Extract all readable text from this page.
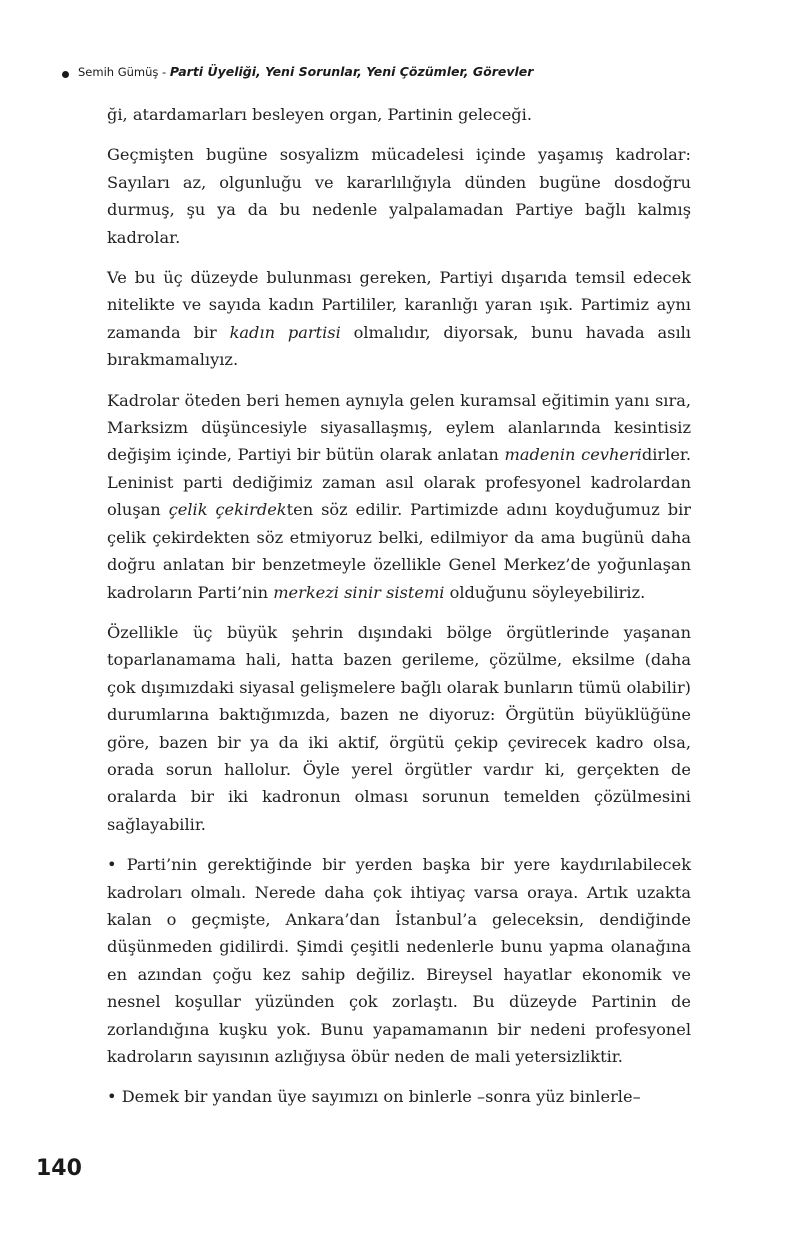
Semih Gümüş - Parti Üyeliği, Yeni Sorunlar, Yeni Çözümler, Görevler

ği, atardamarları besleyen organ, Partinin geleceği.

Geçmişten bugüne sosyalizm mücadelesi içinde yaşamış kadrolar: Sayıları az, olgunluğu ve kararlılığıyla dünden bugüne dosdoğru durmuş, şu ya da bu nedenle yalpalamadan Partiye bağlı kalmış kadrolar.

Ve bu üç düzeyde bulunması gereken, Partiyi dışarıda temsil edecek nitelikte ve sayıda kadın Partililer, karanlığı yaran ışık. Partimiz aynı zamanda bir kadın partisi olmalıdır, diyorsak, bunu havada asılı bırakmamalıyız.

Kadrolar öteden beri hemen aynıyla gelen kuramsal eğitimin yanı sıra, Marksizm düşüncesiyle siyasallaşmış, eylem alanlarında kesintisiz değişim içinde, Partiyi bir bütün olarak anlatan madenin cevheridirler. Leninist parti dediğimiz zaman asıl olarak profesyonel kadrolardan oluşan çelik çekirdekten söz edilir. Partimizde adını koyduğumuz bir çelik çekirdekten söz etmiyoruz belki, edilmiyor da ama bugünü daha doğru anlatan bir benzetmeyle özellikle Genel Merkez’de yoğunlaşan kadroların Parti’nin merkezi sinir sistemi olduğunu söyleyebiliriz.

Özellikle üç büyük şehrin dışındaki bölge örgütlerinde yaşanan toparlanamama hali, hatta bazen gerileme, çözülme, eksilme (daha çok dışımızdaki siyasal gelişmelere bağlı olarak bunların tümü olabilir) durumlarına baktığımızda, bazen ne diyoruz: Örgütün büyüklüğüne göre, bazen bir ya da iki aktif, örgütü çekip çevirecek kadro olsa, orada sorun hallolur. Öyle yerel örgütler vardır ki, gerçekten de oralarda bir iki kadronun olması sorunun temelden çözülmesini sağlayabilir.

• Parti’nin gerektiğinde bir yerden başka bir yere kaydırılabilecek kadroları olmalı. Nerede daha çok ihtiyaç varsa oraya. Artık uzakta kalan o geçmişte, Ankara’dan İstanbul’a geleceksin, dendiğinde düşünmeden gidilirdi. Şimdi çeşitli nedenlerle bunu yapma olanağına en azından çoğu kez sahip değiliz. Bireysel hayatlar ekonomik ve nesnel koşullar yüzünden çok zorlaştı. Bu düzeyde Partinin de zorlandığına kuşku yok. Bunu yapamamanın bir nedeni profesyonel kadroların sayısının azlığıysa öbür neden de mali yetersizliktir.

• Demek bir yandan üye sayımızı on binlerle –sonra yüz binlerle–

140
